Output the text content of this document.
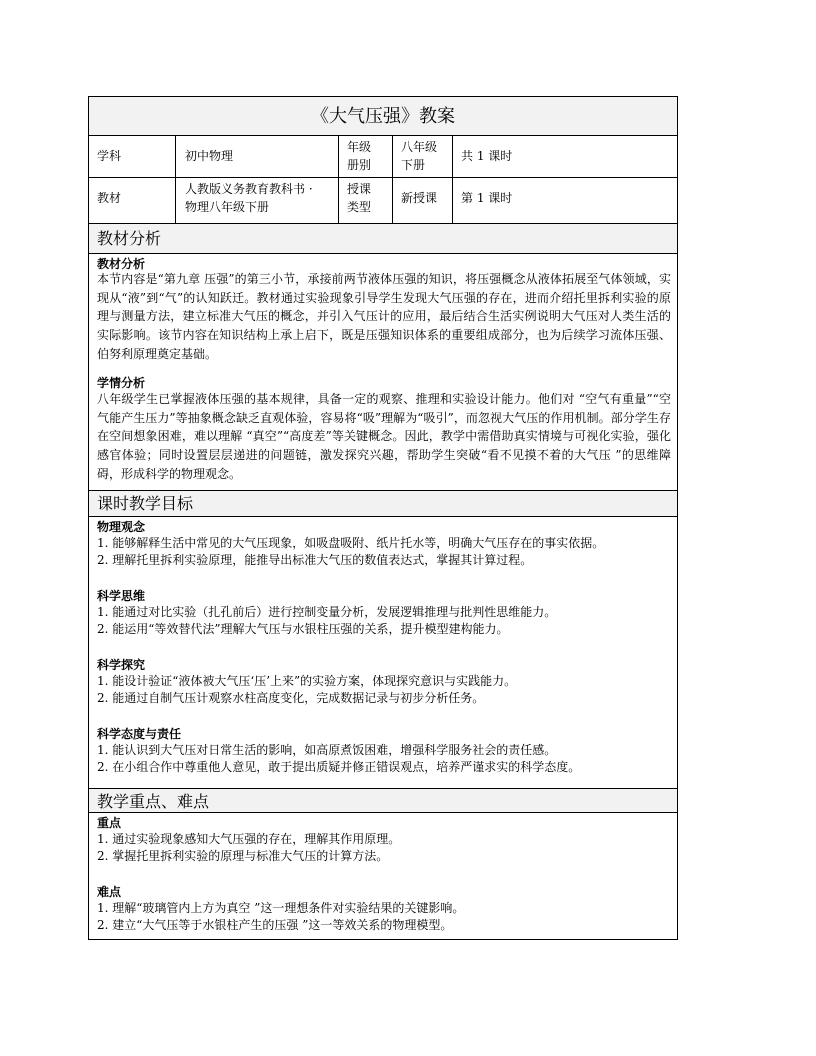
《大气压强》教案
学科	初中物理
年级
册别
八年级
下册
共 1 课时
教材
人教版义务教育教科书 ·
物理八年级下册
授课
类型
新授课 第 1 课时
教材分析
教材分析
本节内容是“第九章 压强”的第三小节，承接前两节液体压强的知识，将压强概念从液体拓展至气体领域，实现从“液”到“气”的认知跃迁。教材通过实验现象引导学生发现大气压强的存在，进而介绍托里拆利实验的原理与测量方法，建立标准大气压的概念，并引入气压计的应用，最后结合生活实例说明大气压对人类生活的实际影响。该节内容在知识结构上承上启下，既是压强知识体系的重要组成部分，也为后续学习流体压强、伯努利原理奠定基础。
学情分析
八年级学生已掌握液体压强的基本规律，具备一定的观察、推理和实验设计能力。他们对 “空气有重量”“空气能产生压力”等抽象概念缺乏直观体验，容易将“吸”理解为“吸引”，而忽视大气压的作用机制。部分学生存在空间想象困难，难以理解 “真空”“高度差”等关键概念。因此，教学中需借助真实情境与可视化实验，强化感官体验；同时设置层层递进的问题链，激发探究兴趣，帮助学生突破“看不见摸不着的大气压 ”的思维障碍，形成科学的物理观念。
课时教学目标
物理观念
1. 能够解释生活中常见的大气压现象，如吸盘吸附、纸片托水等，明确大气压存在的事实依据。
2. 理解托里拆利实验原理，能推导出标准大气压的数值表达式，掌握其计算过程。
科学思维
1. 能通过对比实验（扎孔前后）进行控制变量分析，发展逻辑推理与批判性思维能力。
2. 能运用“等效替代法”理解大气压与水银柱压强的关系，提升模型建构能力。
科学探究
1. 能设计验证“液体被大气压‘压’上来”的实验方案，体现探究意识与实践能力。
2. 能通过自制气压计观察水柱高度变化，完成数据记录与初步分析任务。
科学态度与责任
1. 能认识到大气压对日常生活的影响，如高原煮饭困难，增强科学服务社会的责任感。
2. 在小组合作中尊重他人意见，敢于提出质疑并修正错误观点，培养严谨求实的科学态度。
教学重点、难点
重点
1. 通过实验现象感知大气压强的存在，理解其作用原理。
2. 掌握托里拆利实验的原理与标准大气压的计算方法。
难点
1. 理解“玻璃管内上方为真空 ”这一理想条件对实验结果的关键影响。
2. 建立“大气压等于水银柱产生的压强 ”这一等效关系的物理模型。
